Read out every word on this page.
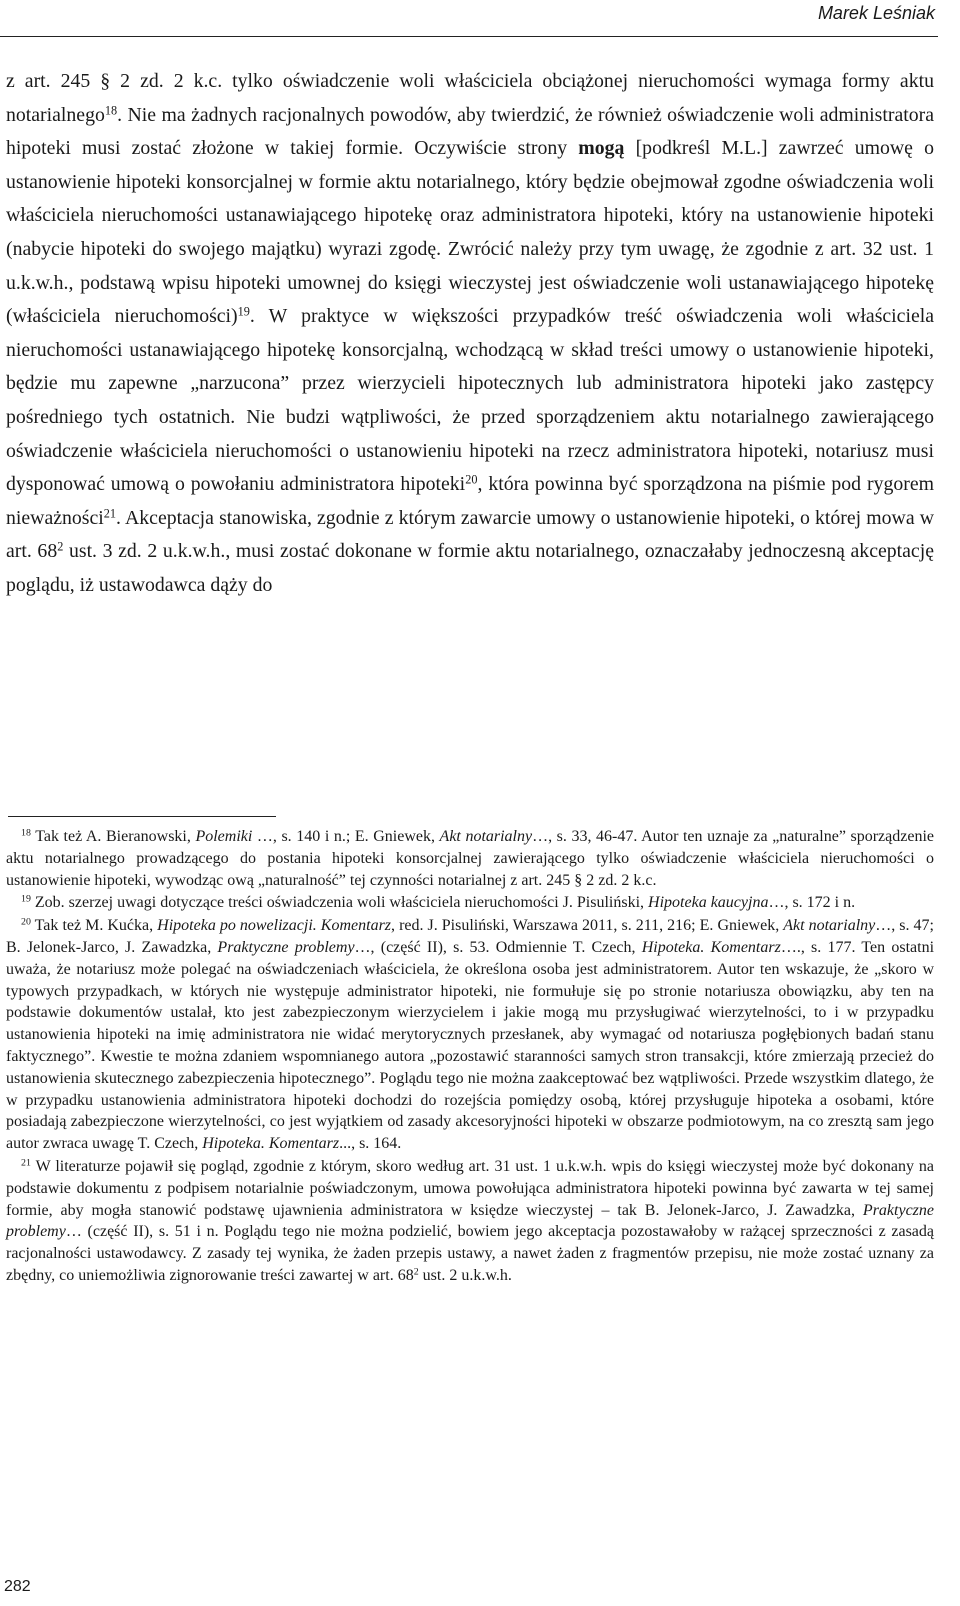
Marek Leśniak

z art. 245 § 2 zd. 2 k.c. tylko oświadczenie woli właściciela obciążonej nieruchomości wymaga formy aktu notarialnego$^{18}$. Nie ma żadnych racjonalnych powodów, aby twierdzić, że również oświadczenie woli administratora hipoteki musi zostać złożone w takiej formie. Oczywiście strony mogą [podkreśl M.L.] zawrzeć umowę o ustanowienie hipoteki konsorcjalnej w formie aktu notarialnego, który będzie obejmował zgodne oświadczenia woli właściciela nieruchomości ustanawiającego hipotekę oraz administratora hipoteki, który na ustanowienie hipoteki (nabycie hipoteki do swojego majątku) wyrazi zgodę. Zwrócić należy przy tym uwagę, że zgodnie z art. 32 ust. 1 u.k.w.h., podstawą wpisu hipoteki umownej do księgi wieczystej jest oświadczenie woli ustanawiającego hipotekę (właściciela nieruchomości)$^{19}$. W praktyce w większości przypadków treść oświadczenia woli właściciela nieruchomości ustanawiającego hipotekę konsorcjalną, wchodzącą w skład treści umowy o ustanowienie hipoteki, będzie mu zapewne „narzucona” przez wierzycieli hipotecznych lub administratora hipoteki jako zastępcy pośredniego tych ostatnich. Nie budzi wątpliwości, że przed sporządzeniem aktu notarialnego zawierającego oświadczenie właściciela nieruchomości o ustanowieniu hipoteki na rzecz administratora hipoteki, notariusz musi dysponować umową o powołaniu administratora hipoteki$^{20}$, która powinna być sporządzona na piśmie pod rygorem nieważności$^{21}$. Akceptacja stanowiska, zgodnie z którym zawarcie umowy o ustanowienie hipoteki, o której mowa w art. $68^2$ ust. 3 zd. 2 u.k.w.h., musi zostać dokonane w formie aktu notarialnego, oznaczałaby jednoczesną akceptację poglądu, iż ustawodawca dąży do

$^{18}$ Tak też A. Bieranowski, Polemiki …, s. 140 i n.; E. Gniewek, Akt notarialny…, s. 33, 46-47. Autor ten uznaje za „naturalne” sporządzenie aktu notarialnego prowadzącego do postania hipoteki konsorcjalnej zawierającego tylko oświadczenie właściciela nieruchomości o ustanowienie hipoteki, wywodząc ową „naturalność” tej czynności notarialnej z art. 245 § 2 zd. 2 k.c.

$^{19}$ Zob. szerzej uwagi dotyczące treści oświadczenia woli właściciela nieruchomości J. Pisuliński, Hipoteka kaucyjna…, s. 172 i n.

$^{20}$ Tak też M. Kućka, Hipoteka po nowelizacji. Komentarz, red. J. Pisuliński, Warszawa 2011, s. 211, 216; E. Gniewek, Akt notarialny…, s. 47; B. Jelonek-Jarco, J. Zawadzka, Praktyczne problemy…, (część II), s. 53. Odmiennie T. Czech, Hipoteka. Komentarz…., s. 177. Ten ostatni uważa, że notariusz może polegać na oświadczeniach właściciela, że określona osoba jest administratorem. Autor ten wskazuje, że „skoro w typowych przypadkach, w których nie występuje administrator hipoteki, nie formułuje się po stronie notariusza obowiązku, aby ten na podstawie dokumentów ustalał, kto jest zabezpieczonym wierzycielem i jakie mogą mu przysługiwać wierzytelności, to i w przypadku ustanowienia hipoteki na imię administratora nie widać merytorycznych przesłanek, aby wymagać od notariusza pogłębionych badań stanu faktycznego”. Kwestie te można zdaniem wspomnianego autora „pozostawić staranności samych stron transakcji, które zmierzają przecież do ustanowienia skutecznego zabezpieczenia hipotecznego”. Poglądu tego nie można zaakceptować bez wątpliwości. Przede wszystkim dlatego, że w przypadku ustanowienia administratora hipoteki dochodzi do rozejścia pomiędzy osobą, której przysługuje hipoteka a osobami, które posiadają zabezpieczone wierzytelności, co jest wyjątkiem od zasady akcesoryjności hipoteki w obszarze podmiotowym, na co zresztą sam jego autor zwraca uwagę T. Czech, Hipoteka. Komentarz..., s. 164.

$^{21}$ W literaturze pojawił się pogląd, zgodnie z którym, skoro według art. 31 ust. 1 u.k.w.h. wpis do księgi wieczystej może być dokonany na podstawie dokumentu z podpisem notarialnie poświadczonym, umowa powołująca administratora hipoteki powinna być zawarta w tej samej formie, aby mogła stanowić podstawę ujawnienia administratora w księdze wieczystej – tak B. Jelonek-Jarco, J. Zawadzka, Praktyczne problemy… (część II), s. 51 i n. Poglądu tego nie można podzielić, bowiem jego akceptacja pozostawałoby w rażącej sprzeczności z zasadą racjonalności ustawodawcy. Z zasady tej wynika, że żaden przepis ustawy, a nawet żaden z fragmentów przepisu, nie może zostać uznany za zbędny, co uniemożliwia zignorowanie treści zawartej w art. $68^2$ ust. 2 u.k.w.h.

282
